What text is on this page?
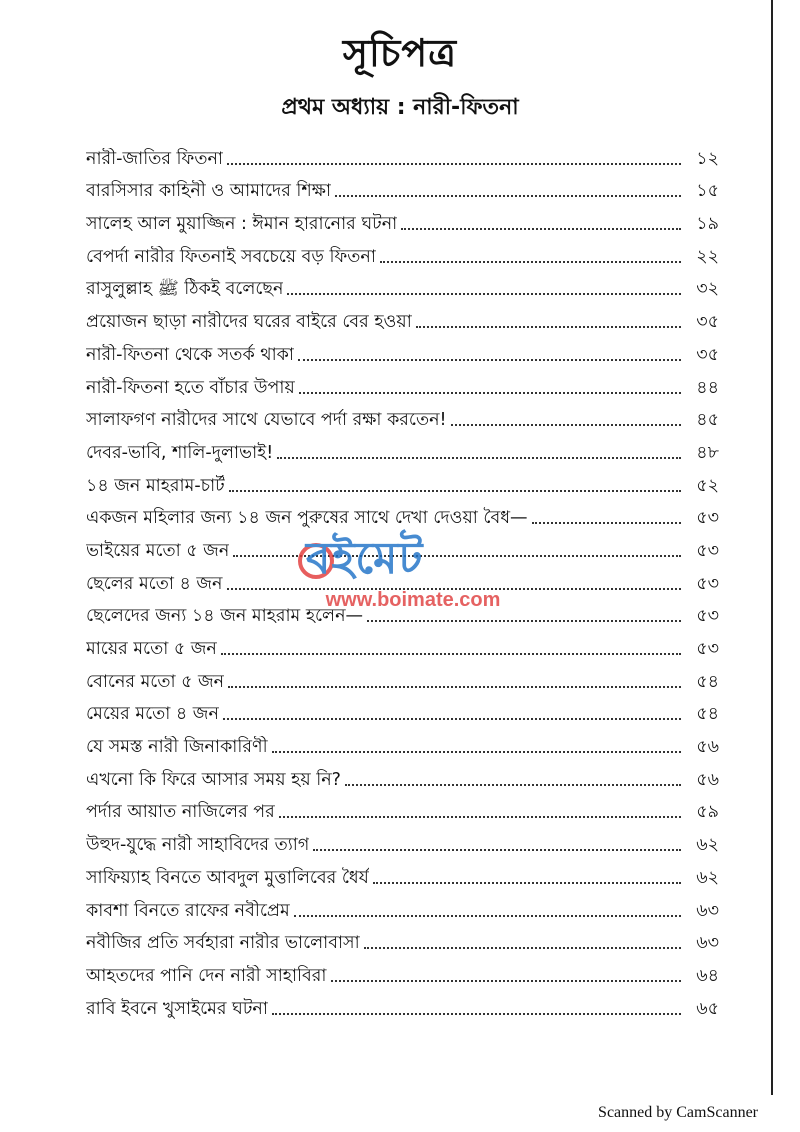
সূচিপত্র
প্রথম অধ্যায় : নারী-ফিতনা
নারী-জাতির ফিতনা	১২
বারসিসার কাহিনী ও আমাদের শিক্ষা	১৫
সালেহ আল মুয়াজ্জিন : ঈমান হারানোর ঘটনা	১৯
বেপর্দা নারীর ফিতনাই সবচেয়ে বড় ফিতনা	২২
রাসুলুল্লাহ ﷺ ঠিকই বলেছেন	৩২
প্রয়োজন ছাড়া নারীদের ঘরের বাইরে বের হওয়া	৩৫
নারী-ফিতনা থেকে সতর্ক থাকা	৩৫
নারী-ফিতনা হতে বাঁচার উপায়	৪৪
সালাফগণ নারীদের সাথে যেভাবে পর্দা রক্ষা করতেন!	৪৫
দেবর-ভাবি, শালি-দুলাভাই!	৪৮
১৪ জন মাহরাম-চার্ট	৫২
একজন মহিলার জন্য ১৪ জন পুরুষের সাথে দেখা দেওয়া বৈধ—	৫৩
ভাইয়ের মতো ৫ জন	৫৩
ছেলের মতো ৪ জন	৫৩
ছেলেদের জন্য ১৪ জন মাহরাম হলেন—	৫৩
মায়ের মতো ৫ জন	৫৩
বোনের মতো ৫ জন	৫৪
মেয়ের মতো ৪ জন	৫৪
যে সমস্ত নারী জিনাকারিণী	৫৬
এখনো কি ফিরে আসার সময় হয় নি?	৫৬
পর্দার আয়াত নাজিলের পর	৫৯
উহুদ-যুদ্ধে নারী সাহাবিদের ত্যাগ	৬২
সাফিয়্যাহ বিনতে আবদুল মুত্তালিবের ধৈর্য	৬২
কাবশা বিনতে রাফের নবীপ্রেম	৬৩
নবীজির প্রতি সর্বহারা নারীর ভালোবাসা	৬৩
আহতদের পানি দেন নারী সাহাবিরা	৬৪
রাবি ইবনে খুসাইমের ঘটনা	৬৫
বইমেট
www.boimate.com
Scanned by CamScanner
